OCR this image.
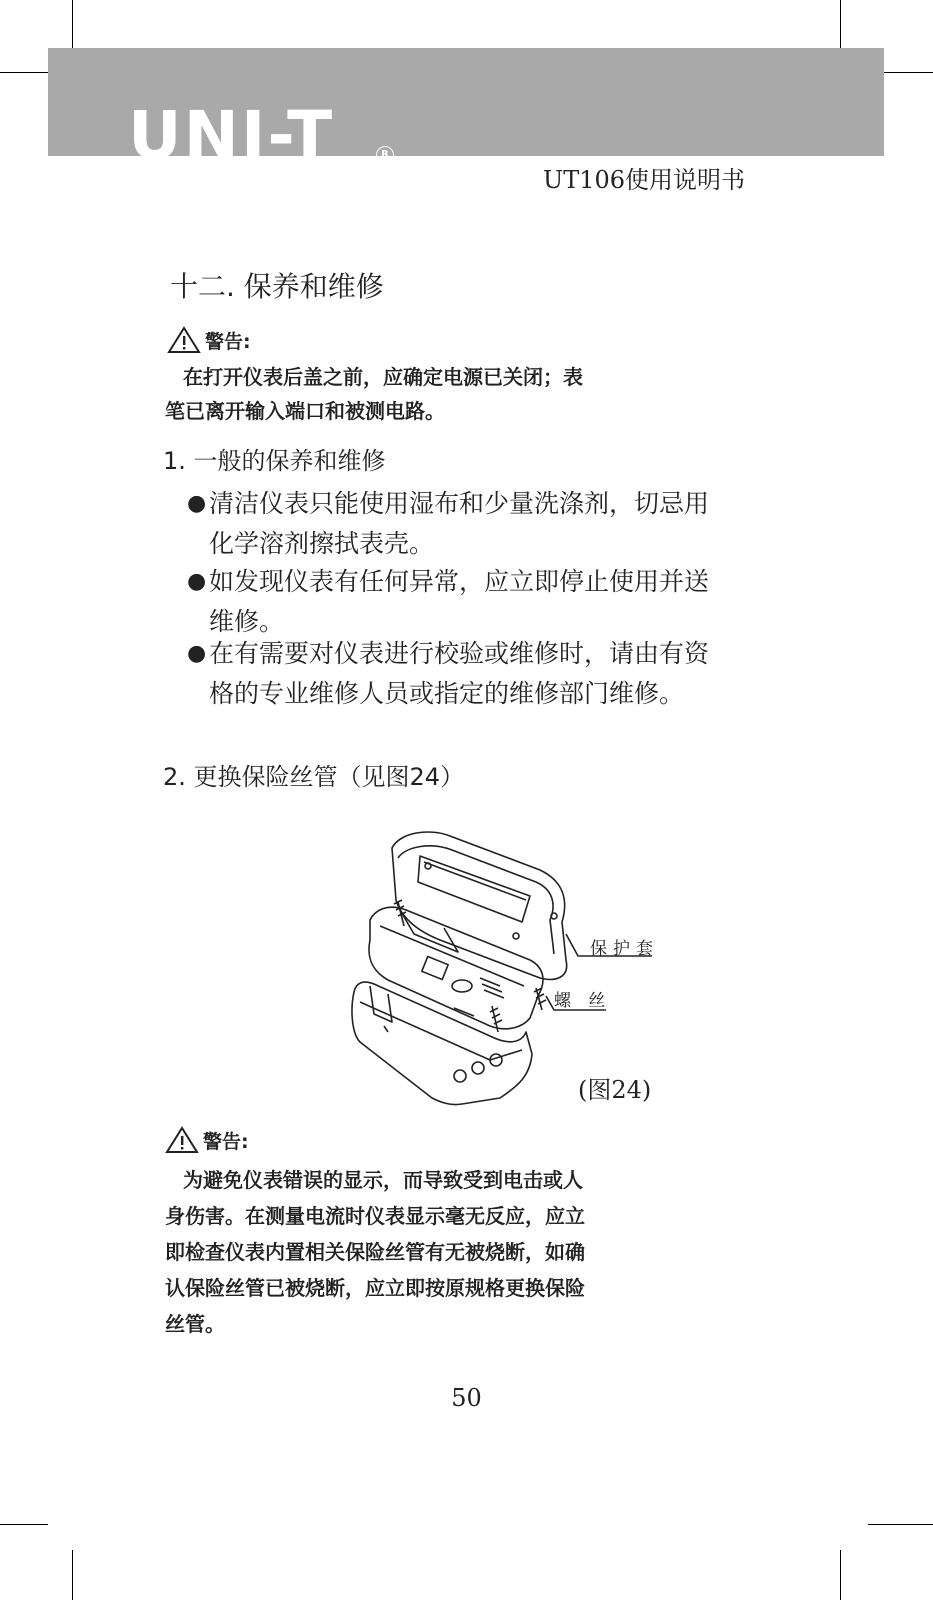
UNI-T	R
UT106使用说明书
十二. 保养和维修
警告:
在打开仪表后盖之前，应确定电源已关闭；表
笔已离开输入端口和被测电路。
1. 一般的保养和维修
● 清洁仪表只能使用湿布和少量洗涤剂，切忌用
化学溶剂擦拭表壳。
● 如发现仪表有任何异常，应立即停止使用并送
维修。
● 在有需要对仪表进行校验或维修时，请由有资
格的专业维修人员或指定的维修部门维修。
2. 更换保险丝管（见图24）
保护套
螺 丝
(图24)
警告:
为避免仪表错误的显示，而导致受到电击或人
身伤害。在测量电流时仪表显示毫无反应，应立
即检查仪表内置相关保险丝管有无被烧断，如确
认保险丝管已被烧断，应立即按原规格更换保险
丝管。
50
